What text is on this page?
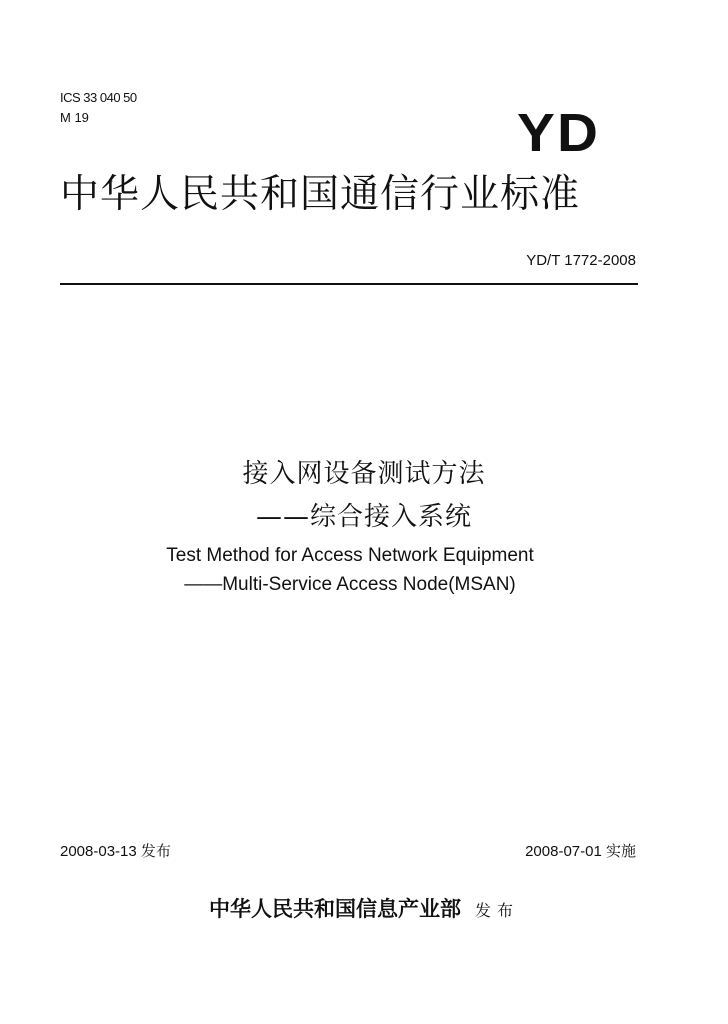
ICS 33 040 50
M 19	YD
中华人民共和国通信行业标准
YD/T 1772-2008
接入网设备测试方法
——综合接入系统
Test Method for Access Network Equipment
——Multi-Service Access Node(MSAN)
2008-03-13 发布	2008-07-01 实施
中华人民共和国信息产业部 发布
